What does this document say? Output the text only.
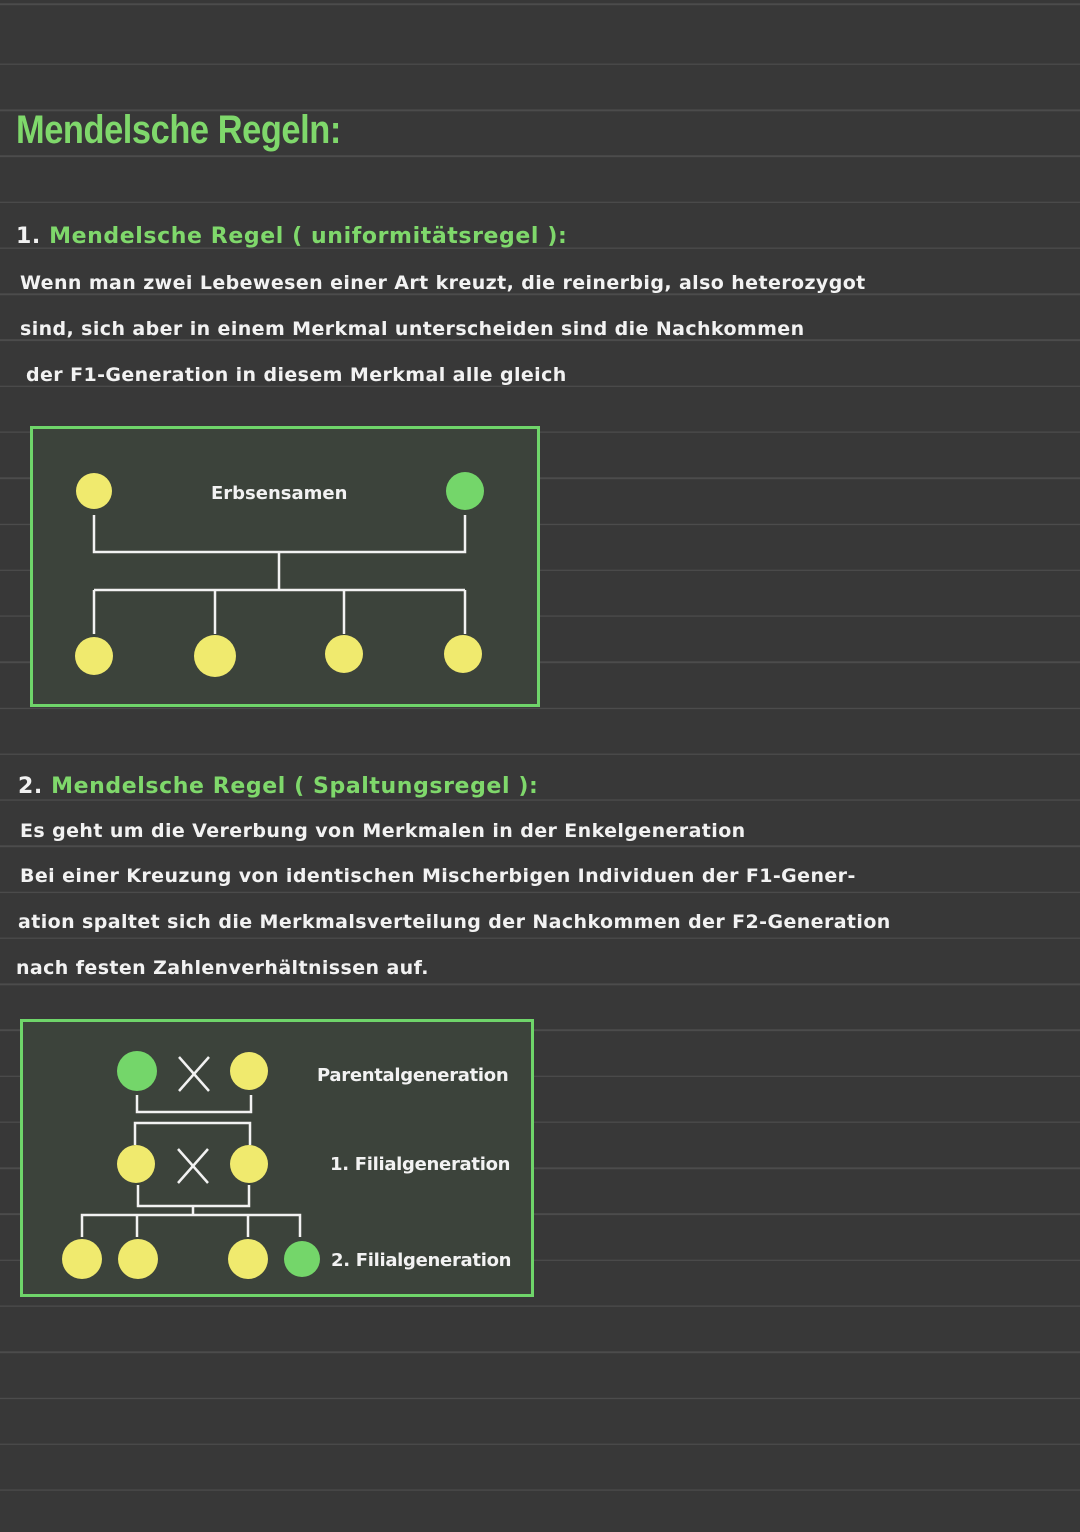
Mendelsche Regeln:
1. Mendelsche Regel ( uniformitätsregel ):
Wenn man zwei Lebewesen einer Art kreuzt, die reinerbig, also heterozygot
sind, sich aber in einem Merkmal unterscheiden sind die Nachkommen
der F1-Generation in diesem Merkmal alle gleich
Erbsensamen
2. Mendelsche Regel ( Spaltungsregel ):
Es geht um die Vererbung von Merkmalen in der Enkelgeneration
Bei einer Kreuzung von identischen Mischerbigen Individuen der F1-Gener-
ation spaltet sich die Merkmalsverteilung der Nachkommen der F2-Generation
nach festen Zahlenverhältnissen auf.
Parentalgeneration
1. Filialgeneration
2. Filialgeneration
